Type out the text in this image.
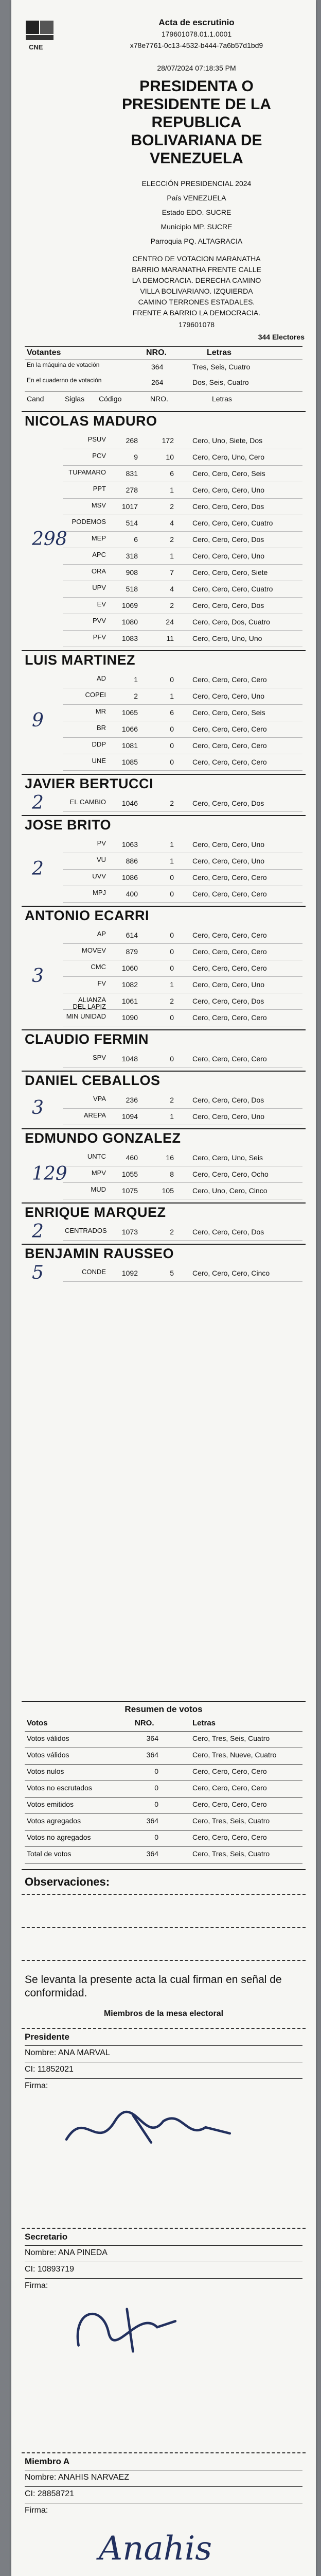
CNE
Acta de escrutinio
179601078.01.1.0001
x78e7761-0c13-4532-b444-7a6b57d1bd9
28/07/2024 07:18:35 PM
PRESIDENTA O
PRESIDENTE DE LA
REPUBLICA
BOLIVARIANA DE
VENEZUELA
ELECCIÓN PRESIDENCIAL 2024
País VENEZUELA
Estado EDO. SUCRE
Municipio MP. SUCRE
Parroquia PQ. ALTAGRACIA
CENTRO DE VOTACION MARANATHA
BARRIO MARANATHA FRENTE CALLE
LA DEMOCRACIA. DERECHA CAMINO
VILLA BOLIVARIANO. IZQUIERDA
CAMINO TERRONES ESTADALES.
FRENTE A BARRIO LA DEMOCRACIA.
179601078
344 Electores
Votantes	NRO.	Letras
En la máquina de votación	364	Tres, Seis, Cuatro
En el cuaderno de votación	264	Dos, Seis, Cuatro
Cand	Siglas Código	NRO.	Letras
NICOLAS MADURO
PSUV	268	172	Cero, Uno, Siete, Dos
PCV	9	10	Cero, Cero, Uno, Cero
TUPAMARO	831	6	Cero, Cero, Cero, Seis
PPT	278	1	Cero, Cero, Cero, Uno
MSV	1017	2	Cero, Cero, Cero, Dos
PODEMOS	514	4	Cero, Cero, Cero, Cuatro
MEP	6	2	Cero, Cero, Cero, Dos
APC	318	1	Cero, Cero, Cero, Uno
ORA	908	7	Cero, Cero, Cero, Siete
UPV	518	4	Cero, Cero, Cero, Cuatro
EV	1069	2	Cero, Cero, Cero, Dos
PVV	1080	24	Cero, Cero, Dos, Cuatro
PFV	1083	11	Cero, Cero, Uno, Uno
298
LUIS MARTINEZ
AD	1	0	Cero, Cero, Cero, Cero
COPEI	2	1	Cero, Cero, Cero, Uno
MR	1065	6	Cero, Cero, Cero, Seis
BR	1066	0	Cero, Cero, Cero, Cero
DDP	1081	0	Cero, Cero, Cero, Cero
UNE	1085	0	Cero, Cero, Cero, Cero
9
JAVIER BERTUCCI
EL CAMBIO	1046	2	Cero, Cero, Cero, Dos
2
JOSE BRITO
PV	1063	1	Cero, Cero, Cero, Uno
VU	886	1	Cero, Cero, Cero, Uno
UVV	1086	0	Cero, Cero, Cero, Cero
MPJ	400	0	Cero, Cero, Cero, Cero
2
ANTONIO ECARRI
AP	614	0	Cero, Cero, Cero, Cero
MOVEV	879	0	Cero, Cero, Cero, Cero
CMC	1060	0	Cero, Cero, Cero, Cero
FV	1082	1	Cero, Cero, Cero, Uno
ALIANZA DEL LAPIZ
1061	2	Cero, Cero, Cero, Dos
MIN UNIDAD	1090	0	Cero, Cero, Cero, Cero
3
CLAUDIO FERMIN
SPV	1048	0	Cero, Cero, Cero, Cero
DANIEL CEBALLOS
VPA	236	2	Cero, Cero, Cero, Dos
AREPA	1094	1	Cero, Cero, Cero, Uno
3
EDMUNDO GONZALEZ
UNTC	460	16	Cero, Cero, Uno, Seis
MPV	1055	8	Cero, Cero, Cero, Ocho
MUD	1075	105	Cero, Uno, Cero, Cinco
129
ENRIQUE MARQUEZ
CENTRADOS	1073	2	Cero, Cero, Cero, Dos
2
BENJAMIN RAUSSEO
CONDE	1092	5	Cero, Cero, Cero, Cinco
5
Resumen de votos
Votos	NRO.	Letras
Votos válidos	364	Cero, Tres, Seis, Cuatro
Votos válidos	364	Cero, Tres, Nueve, Cuatro
Votos nulos	0	Cero, Cero, Cero, Cero
Votos no escrutados	0	Cero, Cero, Cero, Cero
Votos emitidos	0	Cero, Cero, Cero, Cero
Votos agregados	364	Cero, Tres, Seis, Cuatro
Votos no agregados	0	Cero, Cero, Cero, Cero
Total de votos	364	Cero, Tres, Seis, Cuatro
Observaciones:
Se levanta la presente acta la cual firman en señal de conformidad.
Miembros de la mesa electoral
Presidente
Nombre: ANA MARVAL
CI: 11852021
Firma:
Secretario
Nombre: ANA PINEDA
CI: 10893719
Firma:
Miembro A
Nombre: ANAHIS NARVAEZ
CI: 28858721
Firma:
Anahis
